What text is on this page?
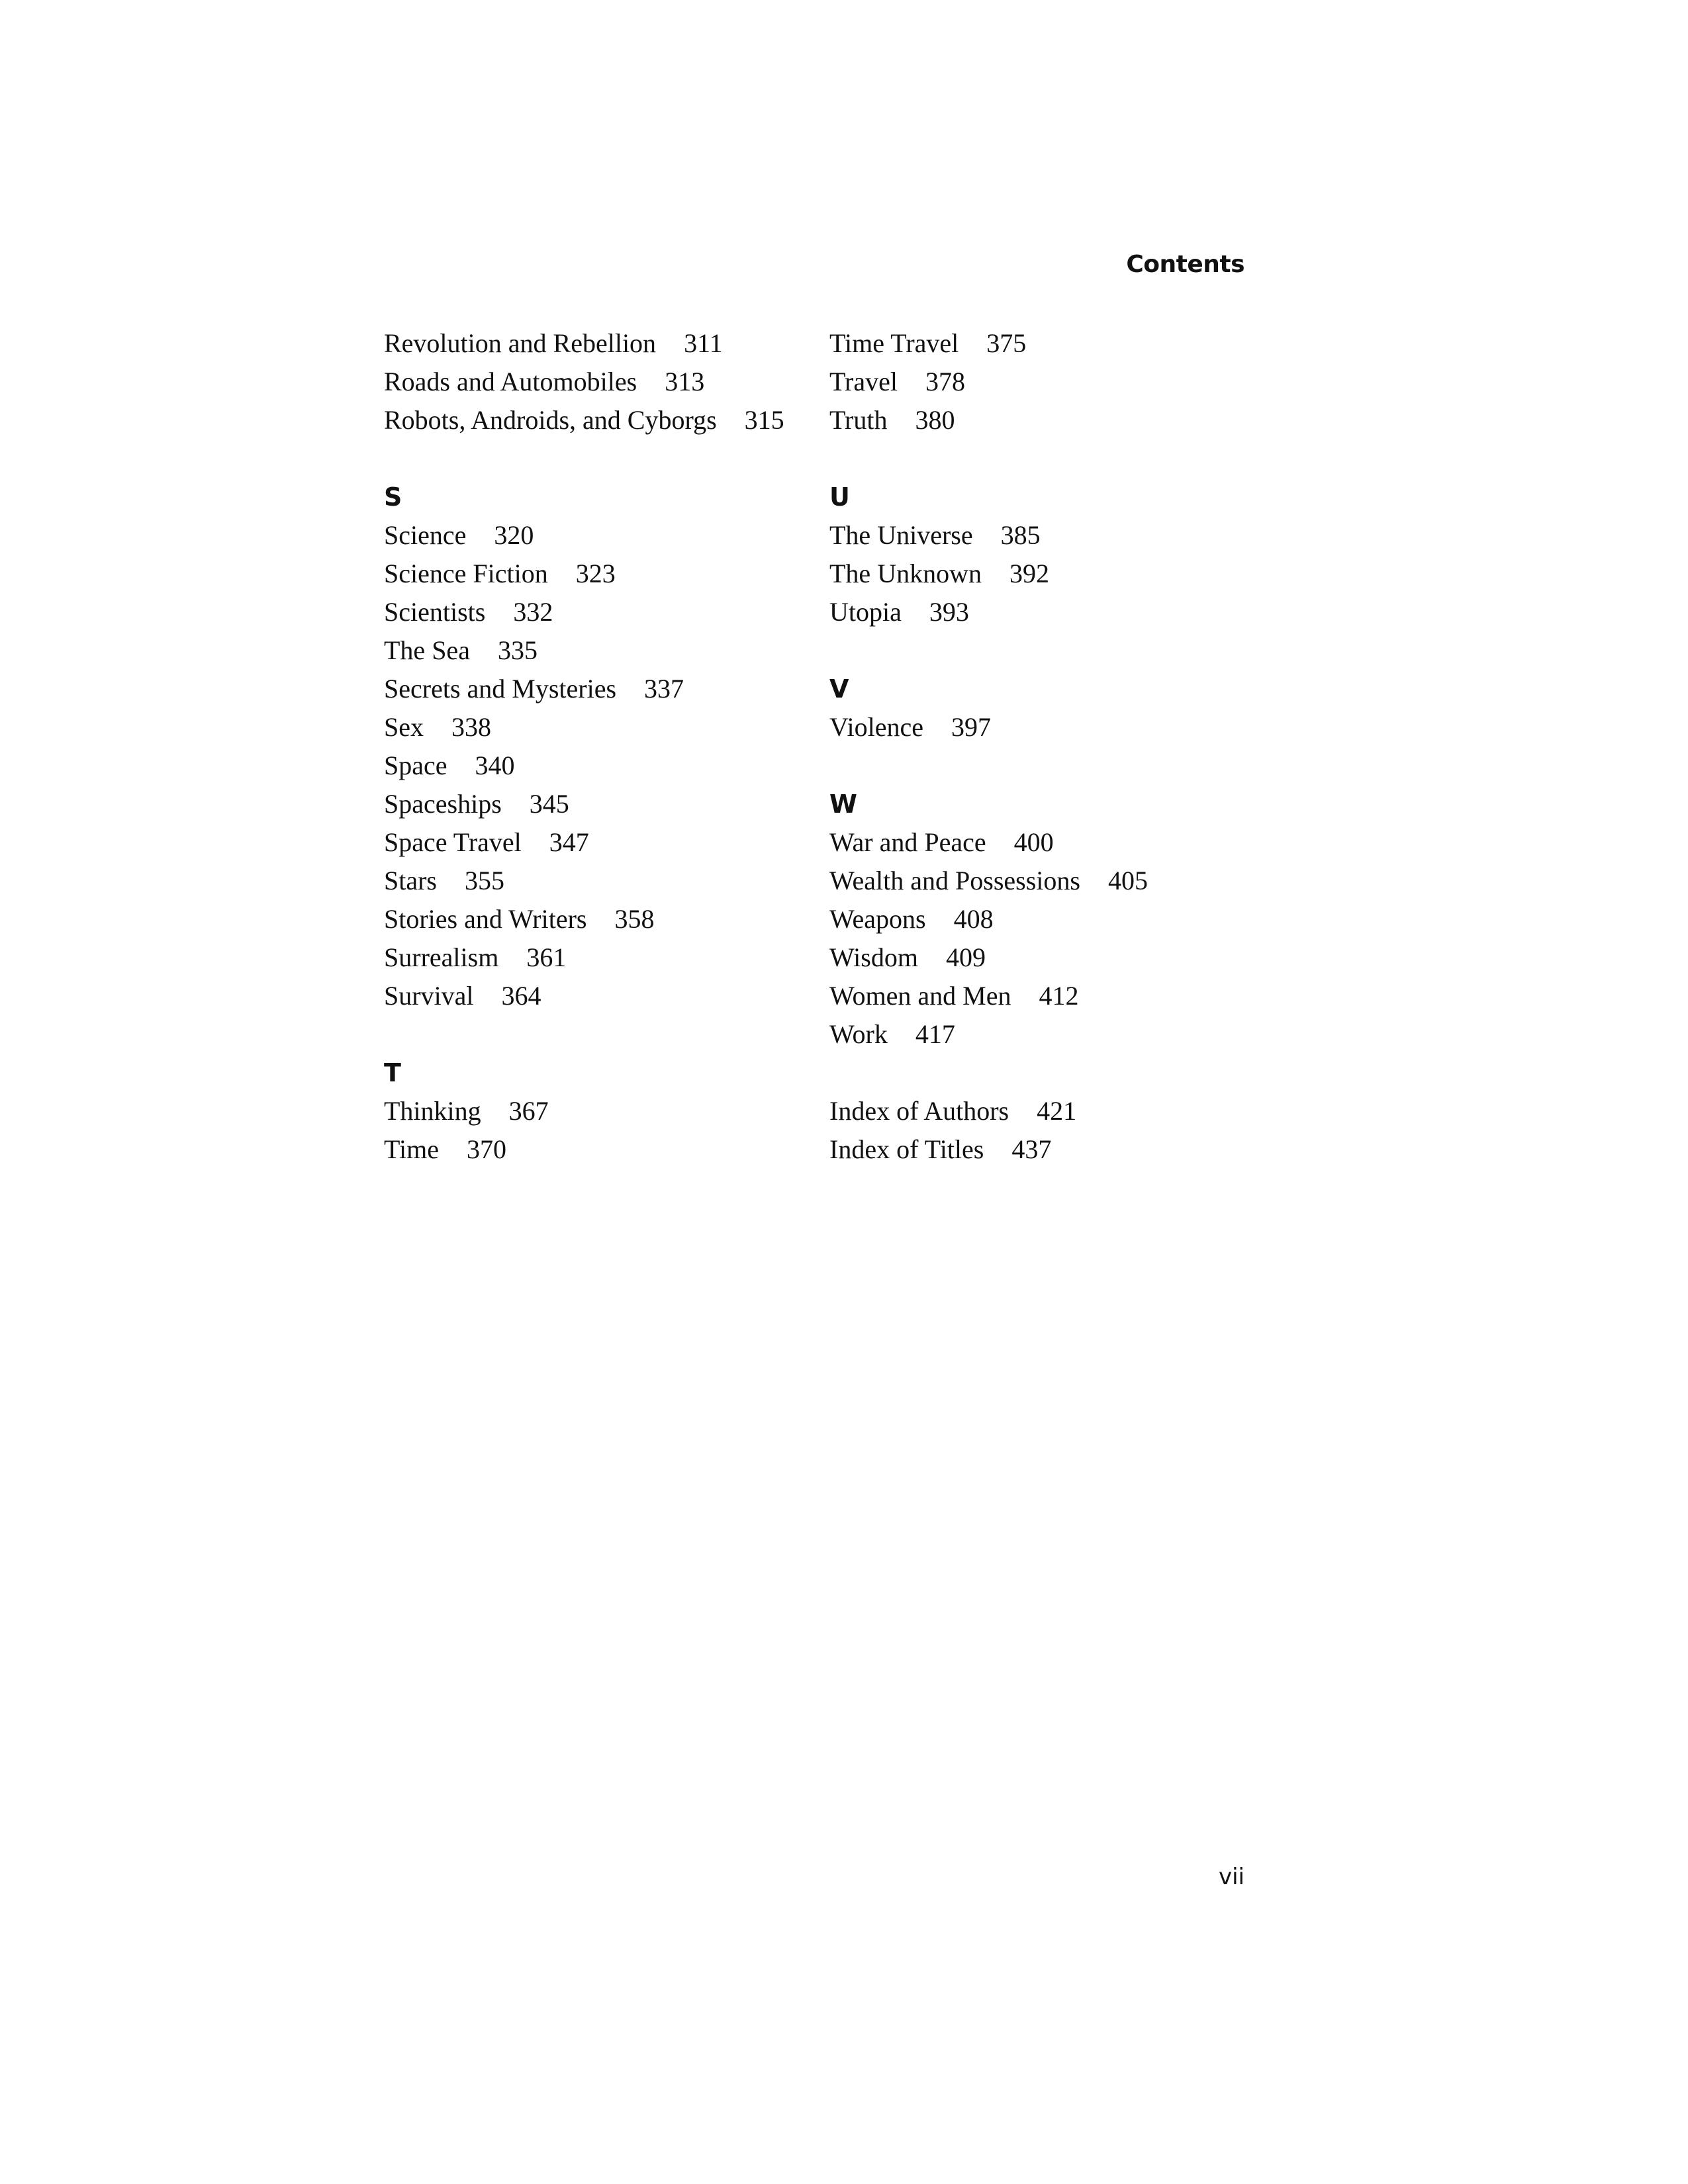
Contents
Revolution and Rebellion 311
Roads and Automobiles 313
Robots, Androids, and Cyborgs 315
S
Science 320
Science Fiction 323
Scientists 332
The Sea 335
Secrets and Mysteries 337
Sex 338
Space 340
Spaceships 345
Space Travel 347
Stars 355
Stories and Writers 358
Surrealism 361
Survival 364
T
Thinking 367
Time 370
Time Travel 375
Travel 378
Truth 380
U
The Universe 385
The Unknown 392
Utopia 393
V
Violence 397
W
War and Peace 400
Wealth and Possessions 405
Weapons 408
Wisdom 409
Women and Men 412
Work 417
Index of Authors 421
Index of Titles 437
vii
